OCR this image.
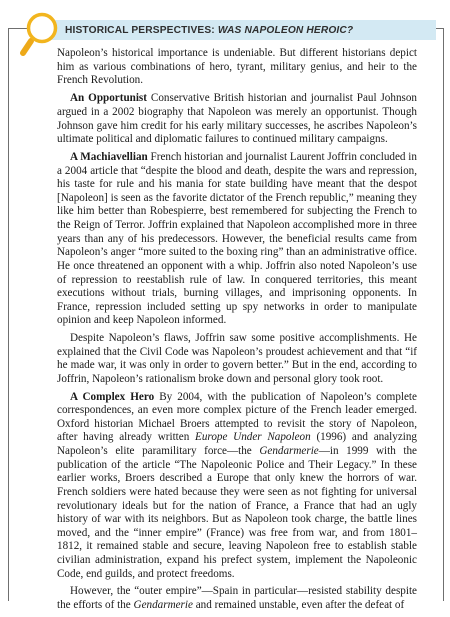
HISTORICAL PERSPECTIVES: WAS NAPOLEON HEROIC?

Napoleon’s historical importance is undeniable. But different historians depict him as various combinations of hero, tyrant, military genius, and heir to the French Revolution.

An Opportunist Conservative British historian and journalist Paul Johnson argued in a 2002 biography that Napoleon was merely an opportunist. Though Johnson gave him credit for his early military successes, he ascribes Napoleon’s ultimate political and diplomatic failures to continued military campaigns.

A Machiavellian French historian and journalist Laurent Joffrin concluded in a 2004 article that “despite the blood and death, despite the wars and repression, his taste for rule and his mania for state building have meant that the despot [Napoleon] is seen as the favorite dictator of the French republic,” meaning they like him better than Robespierre, best remembered for subjecting the French to the Reign of Terror. Joffrin explained that Napoleon accomplished more in three years than any of his predecessors. However, the beneficial results came from Napoleon’s anger “more suited to the boxing ring” than an administrative office. He once threatened an opponent with a whip. Joffrin also noted Napoleon’s use of repression to reestablish rule of law. In conquered territories, this meant executions without trials, burning villages, and imprisoning opponents. In France, repression included setting up spy networks in order to manipulate opinion and keep Napoleon informed.

Despite Napoleon’s flaws, Joffrin saw some positive accomplishments. He explained that the Civil Code was Napoleon’s proudest achievement and that “if he made war, it was only in order to govern better.” But in the end, according to Joffrin, Napoleon’s rationalism broke down and personal glory took root.

A Complex Hero By 2004, with the publication of Napoleon’s complete correspondences, an even more complex picture of the French leader emerged. Oxford historian Michael Broers attempted to revisit the story of Napoleon, after having already written Europe Under Napoleon (1996) and analyzing Napoleon’s elite paramilitary force—the Gendarmerie—in 1999 with the publication of the article “The Napoleonic Police and Their Legacy.” In these earlier works, Broers described a Europe that only knew the horrors of war. French soldiers were hated because they were seen as not fighting for universal revolutionary ideals but for the nation of France, a France that had an ugly history of war with its neighbors. But as Napoleon took charge, the battle lines moved, and the “inner empire” (France) was free from war, and from 1801–1812, it remained stable and secure, leaving Napoleon free to establish stable civilian administration, expand his prefect system, implement the Napoleonic Code, end guilds, and protect freedoms.

However, the “outer empire”—Spain in particular—resisted stability despite the efforts of the Gendarmerie and remained unstable, even after the defeat of
